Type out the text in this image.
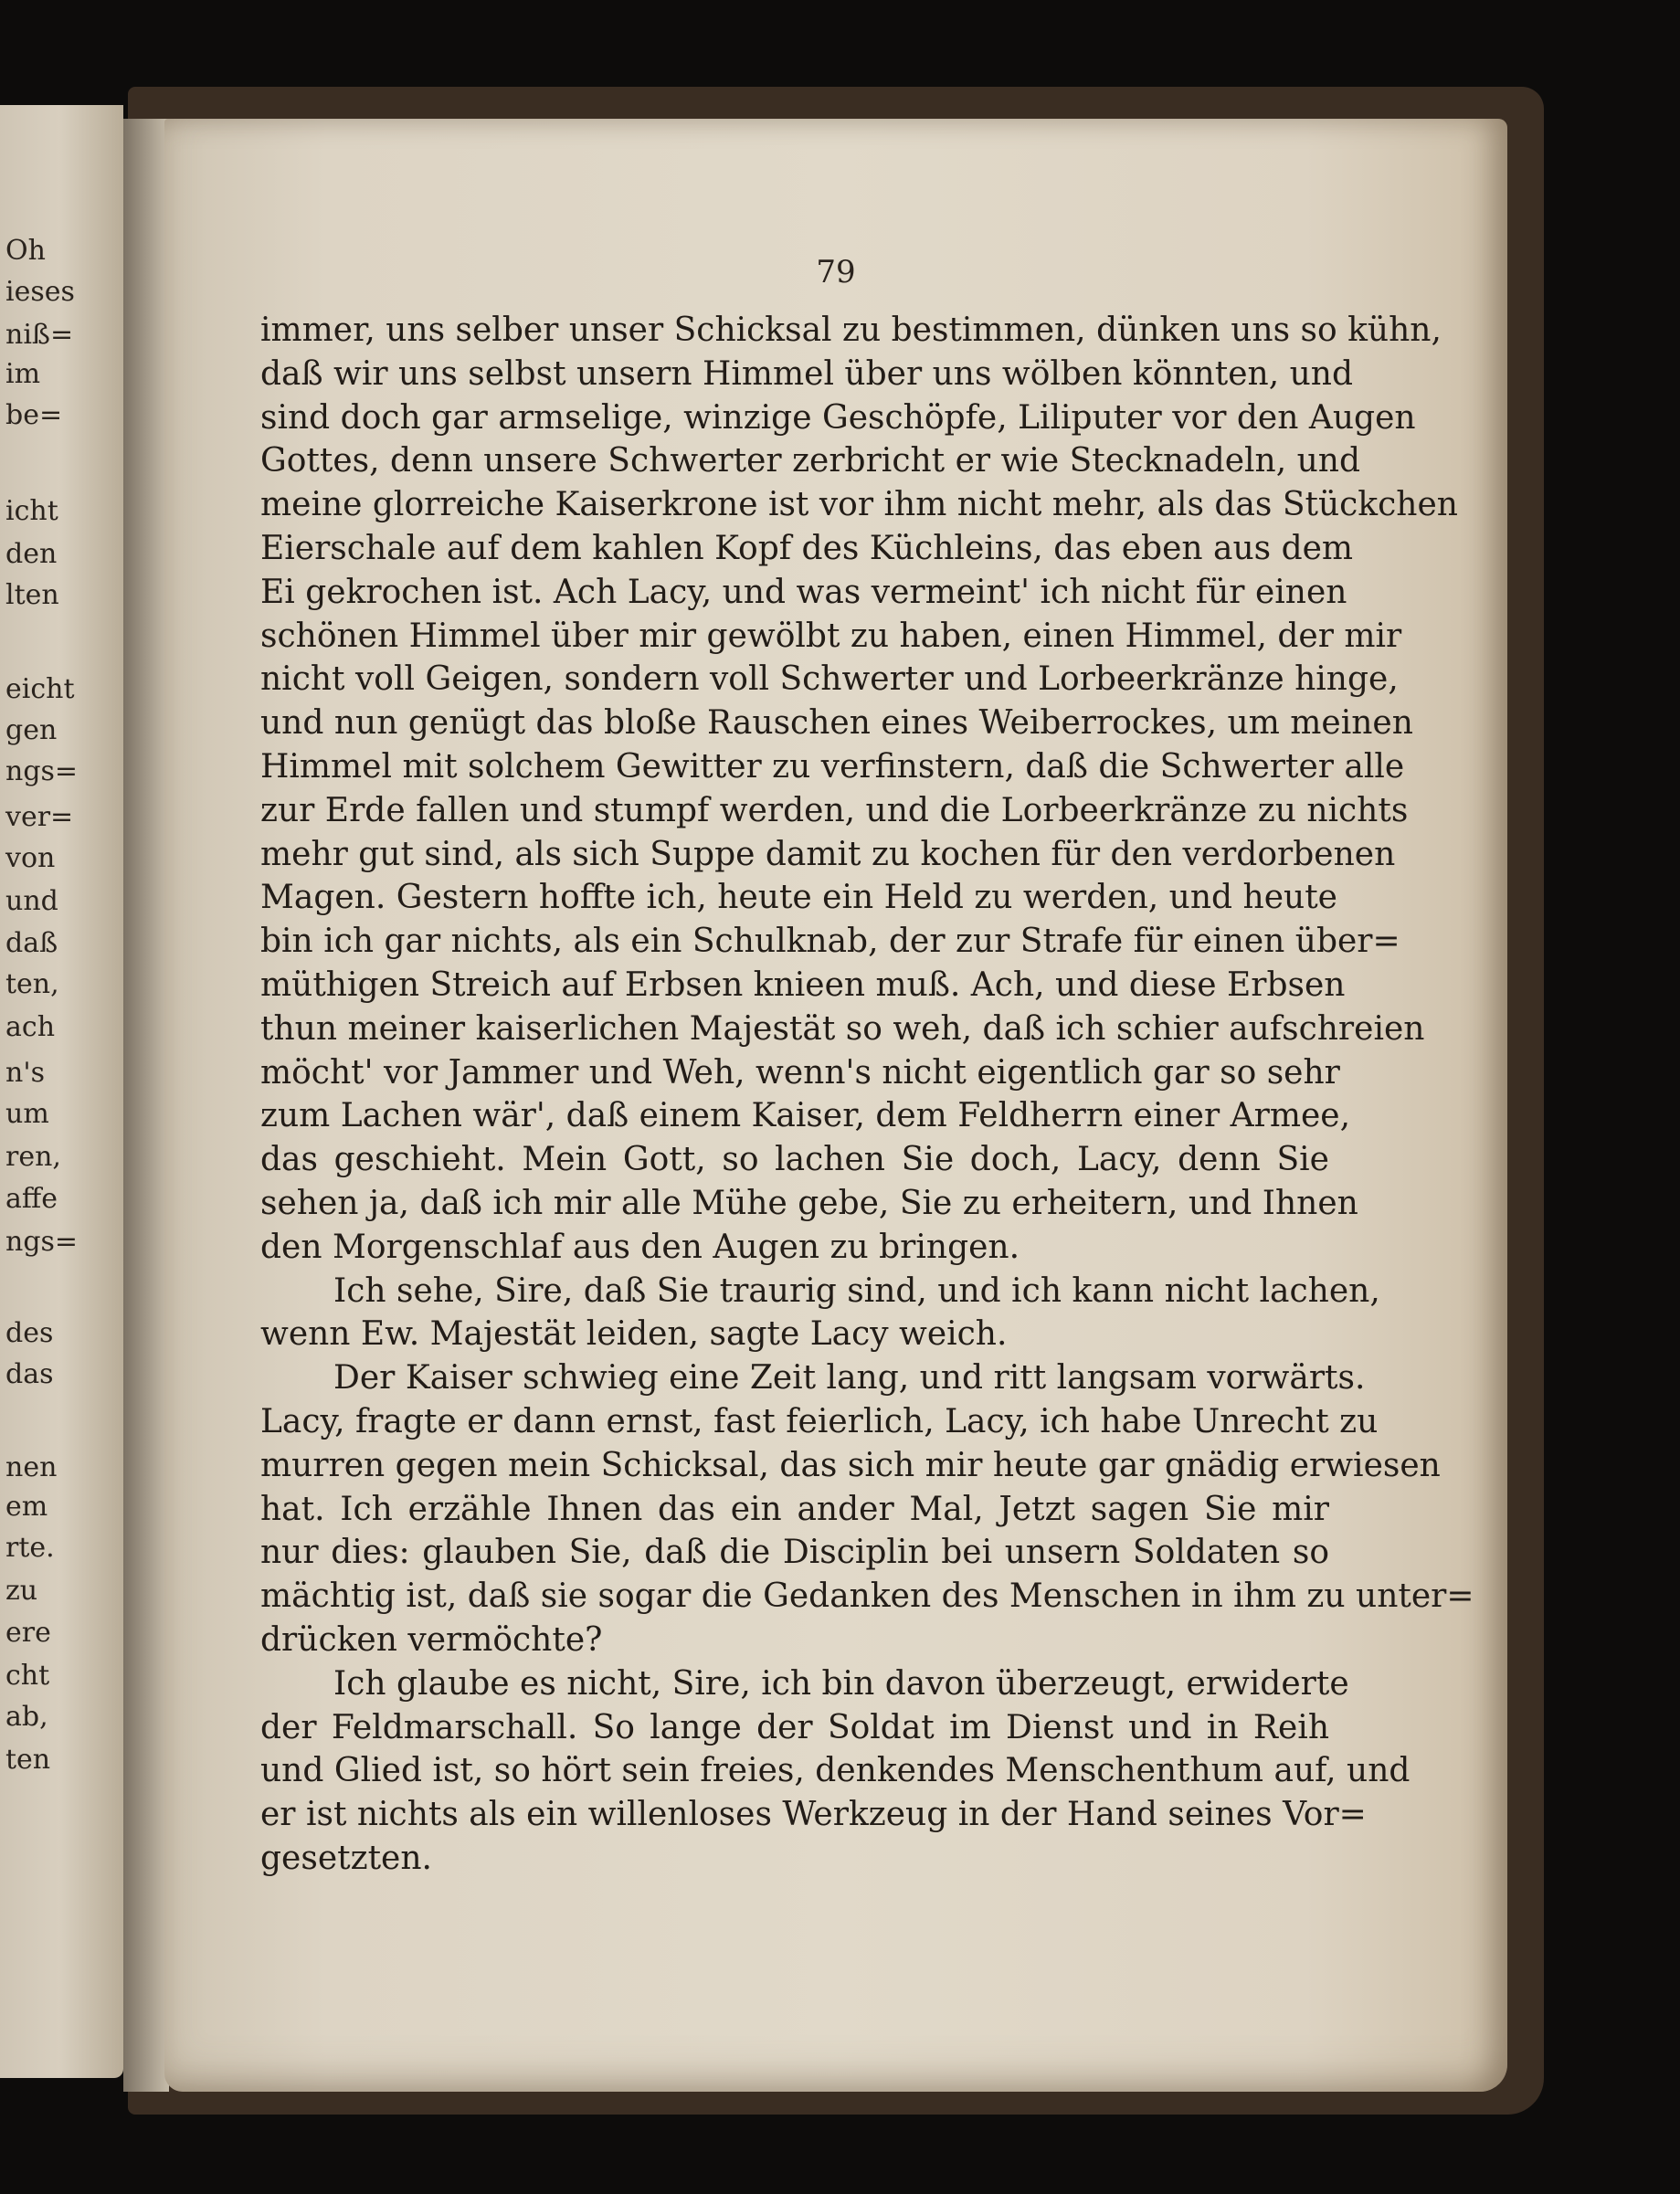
Oh
ieses
niß=
im
be=
icht
den
lten
eicht
gen
ngs=
ver=
von
und
daß
ten,
ach
n's
um
ren,
affe
ngs=
des
das
nen
em
rte.
zu
ere
cht
ab,
ten
79
immer, uns selber unser Schicksal zu bestimmen, dünken uns so kühn,
daß wir uns selbst unsern Himmel über uns wölben könnten, und
sind doch gar armselige, winzige Geschöpfe, Liliputer vor den Augen
Gottes, denn unsere Schwerter zerbricht er wie Stecknadeln, und
meine glorreiche Kaiserkrone ist vor ihm nicht mehr, als das Stückchen
Eierschale auf dem kahlen Kopf des Küchleins, das eben aus dem
Ei gekrochen ist. Ach Lacy, und was vermeint' ich nicht für einen
schönen Himmel über mir gewölbt zu haben, einen Himmel, der mir
nicht voll Geigen, sondern voll Schwerter und Lorbeerkränze hinge,
und nun genügt das bloße Rauschen eines Weiberrockes, um meinen
Himmel mit solchem Gewitter zu verfinstern, daß die Schwerter alle
zur Erde fallen und stumpf werden, und die Lorbeerkränze zu nichts
mehr gut sind, als sich Suppe damit zu kochen für den verdorbenen
Magen. Gestern hoffte ich, heute ein Held zu werden, und heute
bin ich gar nichts, als ein Schulknab, der zur Strafe für einen über=
müthigen Streich auf Erbsen knieen muß. Ach, und diese Erbsen
thun meiner kaiserlichen Majestät so weh, daß ich schier aufschreien
möcht' vor Jammer und Weh, wenn's nicht eigentlich gar so sehr
zum Lachen wär', daß einem Kaiser, dem Feldherrn einer Armee,
das geschieht. Mein Gott, so lachen Sie doch, Lacy, denn Sie
sehen ja, daß ich mir alle Mühe gebe, Sie zu erheitern, und Ihnen
den Morgenschlaf aus den Augen zu bringen.
Ich sehe, Sire, daß Sie traurig sind, und ich kann nicht lachen,
wenn Ew. Majestät leiden, sagte Lacy weich.
Der Kaiser schwieg eine Zeit lang, und ritt langsam vorwärts.
Lacy, fragte er dann ernst, fast feierlich, Lacy, ich habe Unrecht zu
murren gegen mein Schicksal, das sich mir heute gar gnädig erwiesen
hat. Ich erzähle Ihnen das ein ander Mal, Jetzt sagen Sie mir
nur dies: glauben Sie, daß die Disciplin bei unsern Soldaten so
mächtig ist, daß sie sogar die Gedanken des Menschen in ihm zu unter=
drücken vermöchte?
Ich glaube es nicht, Sire, ich bin davon überzeugt, erwiderte
der Feldmarschall. So lange der Soldat im Dienst und in Reih
und Glied ist, so hört sein freies, denkendes Menschenthum auf, und
er ist nichts als ein willenloses Werkzeug in der Hand seines Vor=
gesetzten.
